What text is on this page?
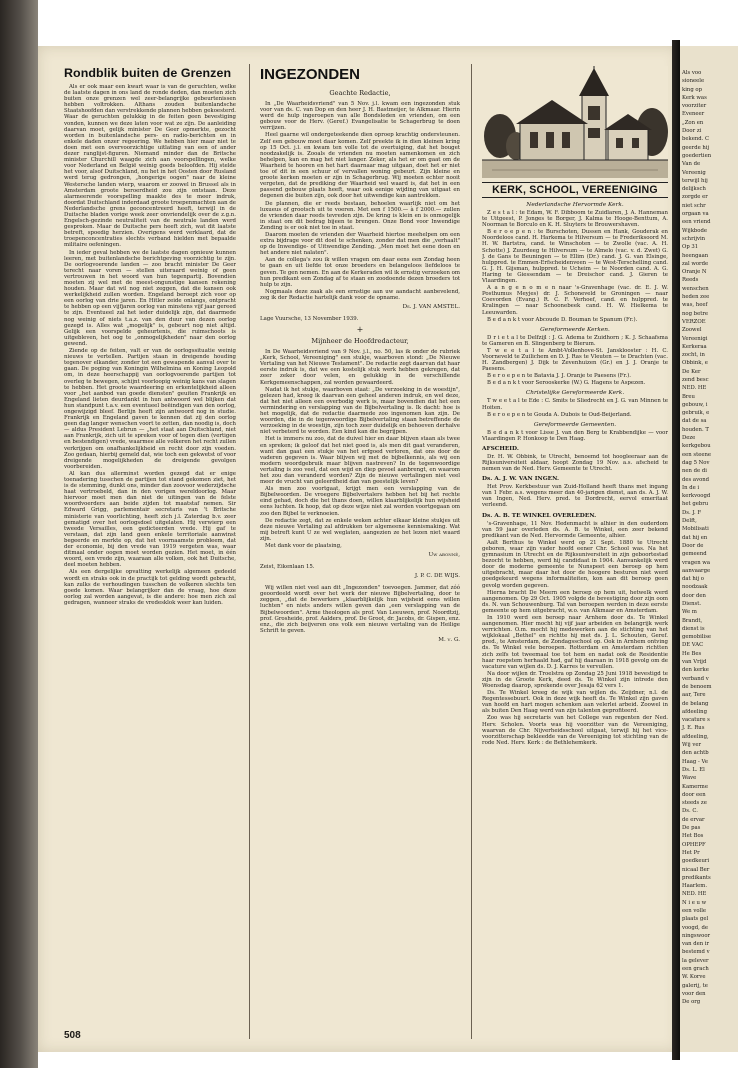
Rondblik buiten de Grenzen

Als er ook maar een kwart waar is van de geruchten, welke de laatste dagen in ons land de ronde deden, dan moeten zich buiten onze grenzen wel zeer-belangrijke gebeurtenissen hebben voltrokken. Althans zouden buitenlandsche Staatshoofden dan verstrekkende plannen hebben gekoesterd. Waar de geruchten gelukkig in de feiten geen bevestiging vonden, kunnen we deze laten voor wat ze zijn. De aanleiding daarvan moet, gelijk minister De Geer opmerkte, gezocht worden in buitenlandsche pers- en radio-berichten en in enkele daden onzer regeering. We hebben hier maar niet te doen met een overvoorzichtige uitlating van een of ander dezer ranglijst-figuren. Niemand minder dan de Britsche minister Churchill waagde zich aan voorspellingen, welke voor Nederland en België weinig goeds beloofden. Hij stelde het voor, alsof Duitschland, nu het in het Oosten door Rusland werd terug gedrongen, „hongerige oogen" naar de kleine Westersche landen wierp, waarom er zoowel in Brussel als in Amsterdam groote beroerdheid zou zijn ontstaan. Deze alarmeerende voorspelling maakte des te meer indruk, doordat Duitschland inderdaad groote troepenmachten aan de Nederlandsche grens geconcentreerd heeft, terwijl in de Duitsche bladen vorige week zeer onvriendelijk over de z.g.n. Engelsch-gezinde neutraliteit van de neutrale landen werd gesproken. Maar de Duitsche pers heeft zich, wat dit laatste betreft, spoedig herzien. Overigens werd verklaard, dat de troepenconcentraties slechts verband hielden met bepaalde militaire oefeningen.

In ieder geval hebben we de laatste dagen opnieuw kunnen leeren, met buitenlandsche berichtgeving voorzichtig te zijn. De oorlogvoerende landen — zoo bracht minister De Geer terecht naar voren — stellen uiteraard weinig of geen vertrouwen in het woord van hun tegenpartij. Bovendien moeten zij wel met de meest-ongunstige kansen rekening houden. Maar dat wil nog niet zeggen, dat die kansen ook werkelijkheid zullen worden. Engeland beroept zich voor op een oorlog van drie jaren. En Hitler zeide onlangs, ontpracht te hebben op een vijfjaren oorlog van minstens vijf jaar gereed te zijn. Eventueel zal het ieder duidelijk zijn, dat daarmede nog weinig of niets t.a.z. van den duur van dezen oorlog gezegd is. Alles wat „mogelijk" is, gebeurt nog niet altijd. Gelijk een voorspelde geheurtenis, die ruimschoots is uitgebleven, het oog te „onmogelijkheden" naar den oorlog gewend.

Ziende op de feiten, valt er van de oorlogssituatie weinig nieuws te vertellen. Partijen staan in dreigende houding tegenover elkander, zonder tot een gewapende aanval over te gaan. De poging van Koningin Wilhelmina en Koning Leopold om, in deze heerschappij van oorlogvoerende partijen tot overleg te bewegen, schijnt voorloopig weinig kans van slagen te hebben. Het groote waardeering en erkentelijkheid alleen voor „het aanbod van goede diensten" geuiten Frankrijk en Engeland lieten deurdankt in hun antwoord wel blijken dat hun standpunt t.a.v. een eventueel beëindigen van den oorlog, ongewijzigd bleef. Berlijn heeft zijn antwoord nog in studie. Frankrijk en Engeland gaven te kennen dat zij den oorlog geen dag langer wenschen voort te zetten, dan noodig is, doch — aldus President Lebrun — „het staat aan Duitschland, niet aan Frankrijk, zich uit te spreken voor of tegen dien (vertigen en bestendigen) vrede, waarmee alle volkeren het recht zullen verkrijgen om onafhankelijkheid en recht door zijn voeden. Zoo gedaan, hierbij gemeld dat, wie toch een gekwetst of voor dreigende mogelijkheden de dreigende gevolgen voorbereiden.

Al kan dus allerminst worden gezegd dat er enige toenadering tusschen de partijen tot stand gekomen ziet, het is de stemming, dunkt ons, minder dan zoovoor wederzijdsche haat vertroebeld, dan in den vorigen wereldoorlog. Maar hiervoor moet men dan niet de uitingen van de felste woordvoerders aan beide zijden tot maatstaf nemen. Sir Edward Grigg, parlementair secretaris van 't Britsche ministerie van voorlichting, heeft zich j.l. Zaterdag b.v. zeer gematigd over het oorlogsdoel uitgelaten. Hij verwierp een tweede Versailles, een gedicteerden vrede. Hij gaf te verstaan, dat zijn land geen enkele territoriale aanwinst begeerde en merkte op, dat het voornaamste probleem, dat der economie, bij den vrede van 1919 vergeten was, waar ditmaal onder oogen moet worden gezien. Het moet, in één woord, een vrede zijn, waaraan alle volken, ook het Duitsche, deel moeten hebben.

Als een dergelijke opvatting werkelijk algemeen gedeeld wordt en straks ook in de practijk tot gelding wordt gebracht, kan zulks de verhoudingen tusschen de volkeren slechts ten goede komen. Waar belangrijker dan de vraag, hoe deze oorlog zal worden aangevat, is die andere: hoe men zich zal gedragen, wanneer straks de vredesklok weer kan luiden.

INGEZONDEN
Geachte Redactie,

In „De Waarheidsvriend" van 5 Nov. j.l. kwam een ingezonden stuk voor van ds. C. van Dop en den heer J. H. Bastmeijer, te Alkmaar. Hierin werd de hulp ingeroepen van alle Bondsleden en vrienden, om een gebouw voor de Herv. (Geref.) Evangelisatie te Schagerbrug te doen verrijzen.

Heel gaarne wil ondergeteekende dien oproep krachtig ondersteunen. Zelf een gebouw moet daar komen. Zelf preekte ik in dien kleinen kring op 15 Oct. j.l. en kwam ten volle tot de overtuiging, dat het bouget noodzakelijk is. Zooals de vrienden nu moeten samenkomen en zich behelpen, kan en mag het niet langer. Zeker, als het er om gaat om de Waarheid te hooren en het hart daarnaar mag uitgaan, doet het er niet toe of dit in een schuur of vervallen woning gebeurt. Zijn kleine en groote kerken moeten er zijn in Schagerbrug. Wij moeten echter nooit vergeten, dat de prediking der Waarheid wel waard is, dat het in een passend gebouw plaats heeft, waar ook eenige wijding van uitgaat en degenen die buiten zijn, ook door het uitwendige kan aantrekken.

De plannen, die er reeds bestaan, behoelen waarlijk niet om het luxueus of grootsch uit te voeren. Met een f 1500.— à f 2000.— zullen de vrienden daar reeds tevreden zijn. De kring is klein en is onmogelijk in staat om dit bedrag bijeen te brengen. Onze Bond voor Inwendige Zending is er ook niet toe in staat.

Daarom moeten de vrienden der Waarheid hiertoe meehelpen om een extra bijdrage voor dit doel te schenken, zonder dat men die „verhaalt" op de Inwendige- of Uitwendige Zending. „Men moet het eene doen en het andere niet nalaten".

Aan de collega's zou ik willen vragen om daar eens een Zondag heen te gaan en uit liefde tot onze broeders en belangeloos liefdeloos te geven. Te gen nemen. En aan de Kerkeraden wil ik ernstig verzoeken om hun predikant een Zondag af te staan en zoodoende dezen broeders tot hulp te zijn.

Nogmaals deze zaak als een ernstige aan uw aandacht aanbevelend, zeg ik der Redactie hartelijk dank voor de opname.

Ds. J. VAN AMSTEL.

Lage Vuursche, 13 November 1939.

+
Mijnheer de Hoofdredacteur,

In De Waarheidsvriend van 9 Nov. j.l., no. 50, las ik onder de rubriek „Kerk, School, Vereeniging" een stukje, waarboven stond: „De Nieuwe Vertaling van het Nieuwe Testament". De redactie zegt daarvan dat haar eerste indruk is, dat we een kostelijk stuk werk hebben gekregen, dat zeer zeker door velen, en gelukkig in de verschillende Kerkgemeenschappen, zal worden gewaardeerd.

Nadat ik het stukje, waarboven staat: „De verzoeking in de woestijn", gelezen had, kreeg ik daarvan een geheel anderen indruk, en wel deze, dat het niet alleen een overbodig werk is, maar bovendien dat het een vermindering en verslapping van de Bijbelvertaling is. Ik dacht: hoe is het mogelijk, dat de redactie daarmede zoo ingenomen kan zijn. De woorden, die in de tegenwoordige Bijbelvertaling staan betreffende de verzoeking in de woestijn, zijn toch zeer duidelijk en behoeven derhalve niet verbeterd te worden. Een kind kan die begrijpen.

Het is immers nu zoo, dat de duivel hier en daar blijven staan als twee en spreken; ik geloof dat het niet goed is, als men dit gaat veranderen, want dan gaat een stukje van het erfgoed verloren, dat ons door de vaderen gegeven is. Waar blijven wij met de bijbelkennis, als wij een modern woordgebruik maar blijven nastreven? In de tegenwoordige vertaling is zoo veel, dat een wijd en diep gevoel aanbrengt, en waarom het zou dan veranderd worden? Zijn de nieuwe vertalingen niet veel meer de vrucht van geleerdheid dan van geestelijk leven?

Als men zoo voortgaat, krijgt men een verslapping van de Bijbelwoorden. De vroegere Bijbelvertalers hebben het bij het rechte eind gehad, doch die het thans doen, willen klaarblijkelijk hun wijsheid eens luchten. Ik hoop, dat op deze wijze niet zal worden voortgegaan om zoo den Bijbel te verknoeien.

De redactie zegt, dat ze enkele weken achter elkaar kleine stukjes uit deze nieuwe Vertaling zal afdrukken ter algemeene kennismaking. Wat mij betreft kunt U ze wel weglaten, aangezien ze het lezen niet waard zijn.

Met dank voor de plaatsing,

Uw abonné,

Zeist, Eikenlaan 15.

J. P. C. DE WIJS.

Wij willen niet veel aan dit „Ingezonden" toevoegen. Jammer, dat zóó geoordeeld wordt over het werk der nieuwe Bijbelvertaling, door te zeggen, „dat de bewerkers „klaarblijkelijk hun wijsheid eens willen luchten" en niets anders willen geven dan „een verslapping van de Bijbelwoorden". Arme theologen als prof. Van Leeuwen, prof. Noordtzij, prof. Grosheide, prof. Aalders, prof. De Groot, dr. Jacobs, dr. Gispen, enz. enz., die zich beijveren ons volk een nieuwe vertaling van de Heilige Schrift te geven.

M. v. G.
KERK, SCHOOL, VEREENIGING
Nederlandsche Hervormde Kerk.

Z e s t a l : te Edam, W. F. Dibboom te Zuidlaren, J. A. Hanneman te Uitgeest, P. Jonges te Borger, J. Kalma te Hooge-Benttum, A. Noorman te Borculo en K. H. Sluyters te Brouwershaven.

B e r o e p e n : te Burschoten, Dussen en Hank, Gouderak en Noordeloos cand. H. Harkema te Hilversum — te Frederiksoord M. H. W. Bartstra, cand. te Winschoten — te Zwolle (vac. A. H. Schotte) J. Zuurdeeg te Hilversum — te Almelo (vac. v. d. Zwet) G. J. de Gans te Beuningen — te Ellim (Dr.) cand. J. G. van Elsinge, hulppred. te Emmen-Erfscheidenveen — te West-Terschelling cand. G. J. H. Gijsman, hulppred. te Ucheim — te Noorden cand. A. G. Haring te Giessendam — te Dreischor cand. J. Gieren te Vlaardingen.

A a n g e n o m e n naar 's-Gravenhage (vac. dr. E. J. W. Posthumus Meyjes) dr. J. Schoneveld te Groningen — naar Coevorden (Evang.) R. C. F. Verhoef, cand. en hulppred. te Kralingen — naar Schoonebeek cand. H. W. Hielkema te Leeuwarden.

B e d a n k t voor Abcoude D. Bouman te Spanum (Fr.).

Gereformeerde Kerken.

D r i e t a l te Delfzijl : J. G. Adema te Zuidhorn ; K. J. Schaafsma te Gameren en B. Slingenberg te Bierum.

T w e e t a l te Ambt-Vollenhove-St. Jansklooster : H. C. Voorneveld te Zuilichem en D. J. Ras te Vleuten — te Drachten (vac. H. Zandbergen) J. Dijk te Zevenhuizen (Gr.) en J. J. Oranje te Paesens.

B e r o e p e n te Batavia J. J. Oranje te Paesens (Fr.).

B e d a n k t voor Serooskerke (W.) G. Hagens te Aspezen.

Christelijke Gereformeerde Kerk.

T w e e t a l te Ede : C. Smits te Sliedrecht en J. G. van Minnen te Hoiten.

B e r o e p e n te Gouda A. Dubois te Oud-Beijerland.

Gereformeerde Gemeenten.

B e d a n k t voor Lisse J. van den Berg te Krabbendijke — voor Vlaardingen P. Honkoop te Den Haag.

AFSCHEID.

Dr. H. W. Obbink, te Utrecht, benoemd tot hoogleeraar aan de Rijksuniversiteit aldaar, hoopt Zondag 19 Nov. a.s. afscheid te nemen van de Ned. Herv. Gemeente te Utrecht.

Ds. A. J. W. VAN INGEN.

Het Prov. Kerkbestuur van Zuid-Holland heeft thans met ingang van 1 Febr. a.s. wegens meer dan 40-jarigen dienst, aan ds. A. J. W. van Ingen, Ned. Herv. pred. te Dordrecht, eervol emeritaat verleend.

Ds. A. B. TE WINKEL OVERLEDEN.

's-Gravenhage, 11 Nov. Hedenmacht is alhier in den ouderdom van 59 jaar overleden ds. A. B. te Winkel, een zeer bekend predikant van de Ned. Hervormde Gemeente, alhier.

Aalt Berthus te Winkel werd op 21 Sept. 1880 te Utrecht geboren, waar zijn vader hoofd eener Chr. School was. Na het gymnasium in Utrecht en de Rijksuniversiteit in zijn geboortestad bezocht te hebben, werd hij candidaat in 1904. Aanvankelijk werd door de moderne gemeente te Nunspeet een beroep op hem uitgebracht, maar daar het door de hoogere besturen niet werd goedgekeurd wegens informaliteiten, kon aan dit beroep geen gevolg worden gegeven.

Hierna bracht De Meern een beroep op hem uit, hetwelk werd aangenomen. Op 29 Oct. 1905 volgde de bevestiging door zijn oom ds. N. van Schouwenburg. Tal van beroepen werden in deze eerste gemeente op hem uitgebracht, w.o. van Alkmaar en Amsterdam.

In 1910 werd een beroep naar Arnhem door ds. Te Winkel aangenomen. Hier mocht hij vijf jaar arbeiden en belangrijk werk verrichten. O.m. mocht hij medewerken aan de stichting van het wijklokaal „Bethel" en richtte hij met ds. J. L. Schouten, Geref. pred., te Amsterdam, de Zondagsschool op. Ook in Arnhem ontving ds. Te Winkel vele beroepen. Rotterdam en Amsterdam richtten zich zelfs tot tweemaal toe tot hem en nadat ook de Residentie haar roepstem herhaald had, gaf hij daaraan in 1918 gevolg om de vacature van wijlen ds. D. J. Karres te vervullen.

Na door wijlen dr. Troelstra op Zondag 25 Juni 1918 bevestigd te zijn in de Groote Kerk, deed ds. Te Winkel zijn intrede den Woensdag daarop, sprekende over Jesaja 62 vers 1.

Ds. Te Winkel kreeg de wijk van wijlen ds. Zeijdner, n.l. de Regentessebuurt. Ook in deze wijk heeft ds. Te Winkel zijn gaven van hoofd en hart mogen schenken aan velerlei arbeid. Zoowel in als buiten Den Haag werd van zijn talenten geprofiteerd.

Zoo was hij secretaris van het College van regenten der Ned. Herv. Scholen. Voorts was hij voorzitter van de Vereeniging, waarvan de Chr. Nijverheidsschool uitgaat, terwijl hij het vice-voorzitterschap bekleedde van de Vereeniging tot stichting van de rode Ned. Herv. Kerk : de Bethlehemkerk.

508

Als voo

sioneele

king op

Kerk was

voorziter

Eveneer

„Zon en

Door zi

bekend. C

geerde hij

goedertien

Van de

Vereenig

terwijl hij

delijksch

zorgde er

niet schr

orgaan va

een vriend

Wijkbode

schrijvin

Op 31

heengaan

zal worde

Oranje N

Reeds

wenschen

heden zee

was, heef

nog betre

VERZOE

Zoowel

Vereenigi

Kerkeraa

zocht, in

Obbink, e

De Ker

zend besc

NED. HE

Breu

gebouw, i

gebruik, e

dat de sa

houden. T

Deze

kerkgebou

een steene

dag 5 Nov

nen de di

des avond

In de i

kerkvoogd

het gebru

Ds. J. F

Delft,

Mobilisati

dat hij en

Door de

gemeend

vragen wa

aanvaarge

dat hij o

noodzaak

door den

Dienst.

We m

Brandt,

dienst is

gemobilise

DE VAC

He Bes

van Vrijd

den kerke

verband v

de benoem

aar, Tere

de belang

afdeeling

vacature s

J. E. Rus

afdeeling,

Wij ver

den achtb

Haag - Ve

Ds. L. El

Wave

Kamerme

door een

steeds ze

Ds. C.

de ervar

De pas

Het Bos

OPHEPF

Het Pr

goedkeuri

nicaal Ber

predikants

Haarlem.

NED. HE

N i e u w

een volle

plaats gel

voogd, de

ningswoor

van den ir

bestemd v

la gelever

een grach

W. Korve

galerij, te

voor den

De org
